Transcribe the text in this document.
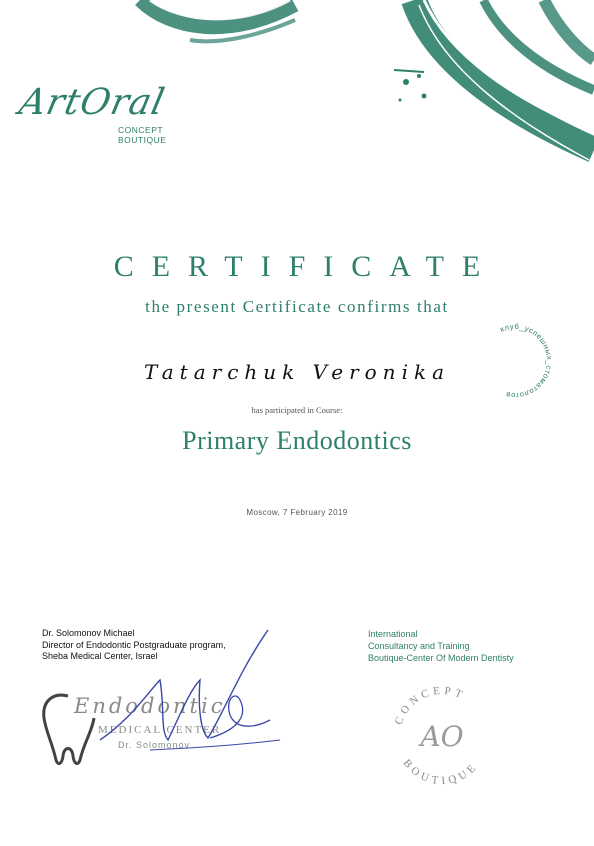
ArtOral
CONCEPT
BOUTIQUE
CERTIFICATE
the present Certificate confirms that
клуб_успешных_стоматологов
Tatarchuk Veronika
has participated in Course:
Primary Endodontics
Moscow, 7 February 2019
Dr. Solomonov Michael
Director of Endodontic Postgraduate program,
Sheba Medical Center, Israel
Endodontic
MEDICAL CENTER
Dr. Solomonov
International
Consultancy and Training
Boutique-Center Of Modern Dentisty
CONCEPT
BOUTIQUE
AO
